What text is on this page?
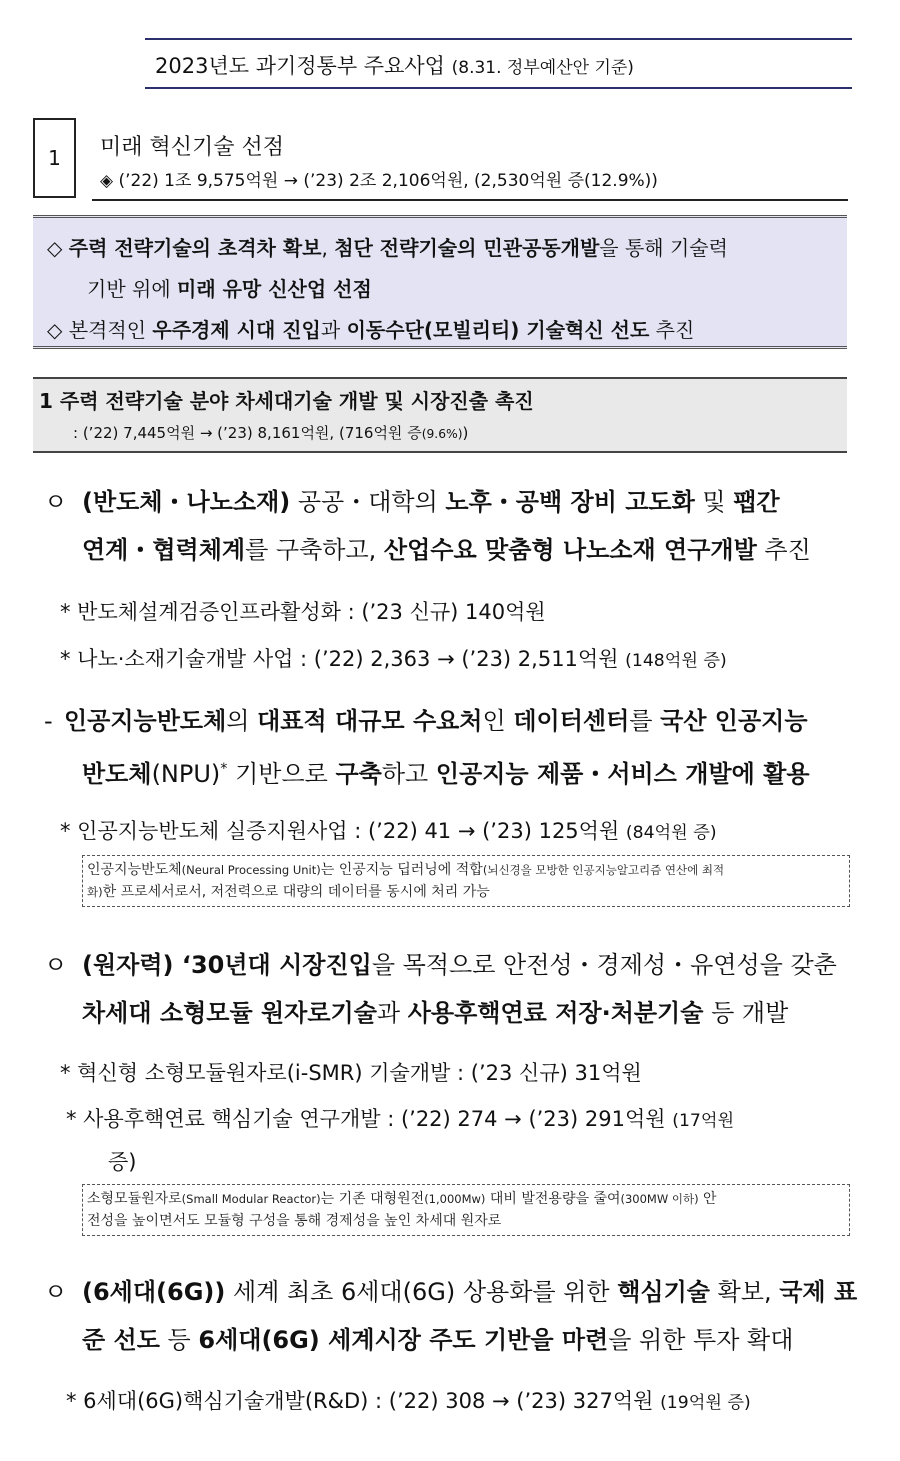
2023년도 과기정통부 주요사업 (8.31. 정부예산안 기준)
1 미래 혁신기술 선점
◈ (’22) 1조 9,575억원 → (’23) 2조 2,106억원, (2,530억원 증(12.9%))

◇ 주력 전략기술의 초격차 확보, 첨단 전략기술의 민관공동개발을 통해 기술력

기반 위에 미래 유망 신산업 선점

◇ 본격적인 우주경제 시대 진입과 이동수단(모빌리티) 기술혁신 선도 추진

1 주력 전략기술 분야 차세대기술 개발 및 시장진출 촉진
: (’22) 7,445억원 → (’23) 8,161억원, (716억원 증(9.6%))

ㅇ (반도체・나노소재) 공공・대학의 노후・공백 장비 고도화 및 팹간

연계・협력체계를 구축하고, 산업수요 맞춤형 나노소재 연구개발 추진

* 반도체설계검증인프라활성화 : (’23 신규) 140억원
* 나노·소재기술개발 사업 : (’22) 2,363 → (’23) 2,511억원 (148억원 증)

- 인공지능반도체의 대표적 대규모 수요처인 데이터센터를 국산 인공지능

반도체(NPU)* 기반으로 구축하고 인공지능 제품・서비스 개발에 활용

* 인공지능반도체 실증지원사업 : (’22) 41 → (’23) 125억원 (84억원 증)

인공지능반도체(Neural Processing Unit)는 인공지능 딥러닝에 적합(뇌신경을 모방한 인공지능알고리즘 연산에 최적

화)한 프로세서로서, 저전력으로 대량의 데이터를 동시에 처리 가능

ㅇ (원자력) ‘30년대 시장진입을 목적으로 안전성・경제성・유연성을 갖춘

차세대 소형모듈 원자로기술과 사용후핵연료 저장·처분기술 등 개발

* 혁신형 소형모듈원자로(i-SMR) 기술개발 : (’23 신규) 31억원
* 사용후핵연료 핵심기술 연구개발 : (’22) 274 → (’23) 291억원 (17억원
증)

소형모듈원자로(Small Modular Reactor)는 기존 대형원전(1,000Mw) 대비 발전용량을 줄여(300MW 이하) 안

전성을 높이면서도 모듈형 구성을 통해 경제성을 높인 차세대 원자로

ㅇ (6세대(6G)) 세계 최초 6세대(6G) 상용화를 위한 핵심기술 확보, 국제 표

준 선도 등 6세대(6G) 세계시장 주도 기반을 마련을 위한 투자 확대

* 6세대(6G)핵심기술개발(R&D) : (’22) 308 → (’23) 327억원 (19억원 증)
